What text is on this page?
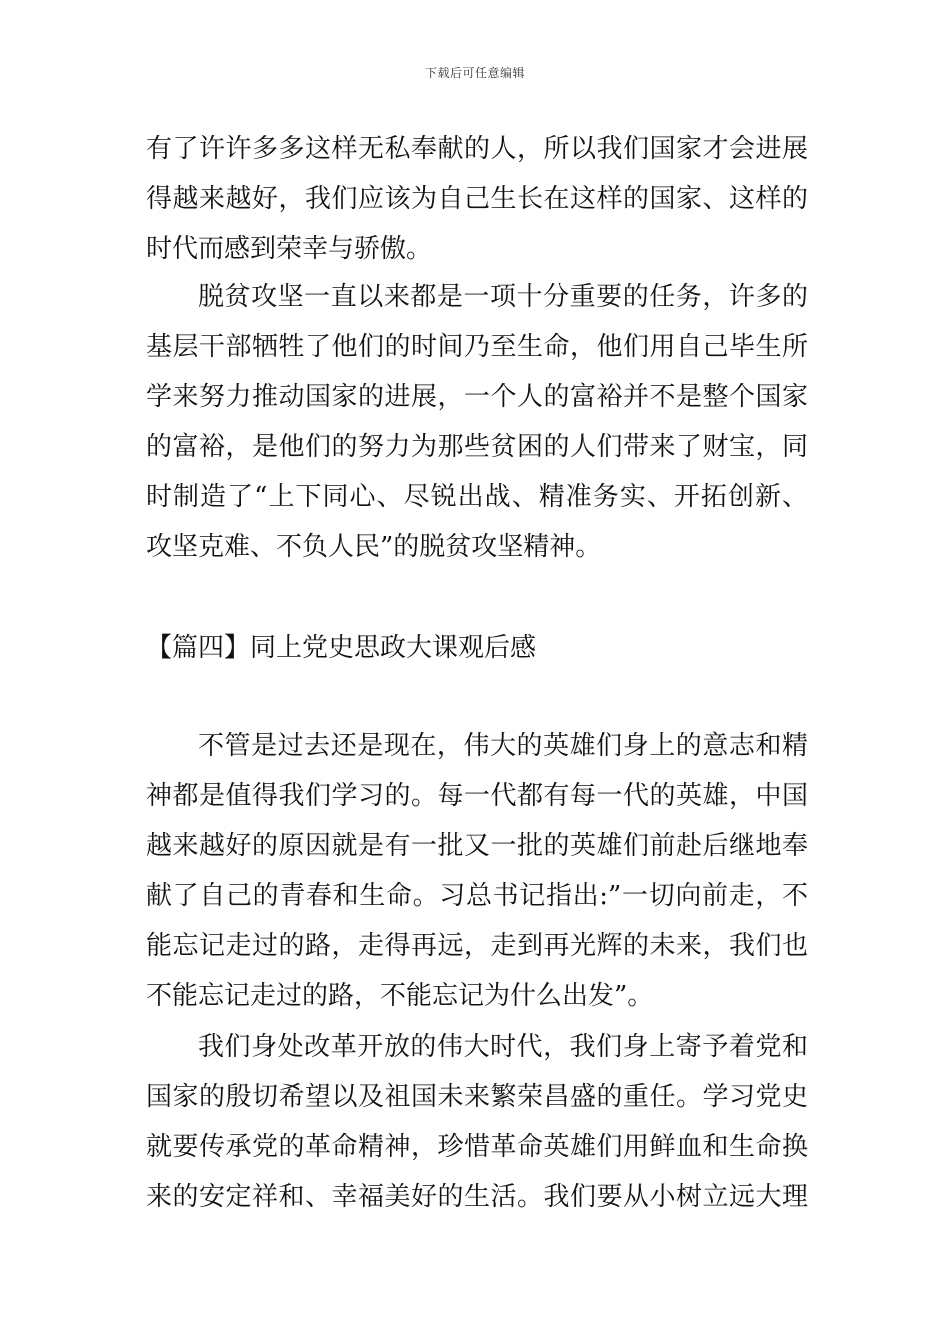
下载后可任意编辑
有了许许多多这样无私奉献的人，所以我们国家才会进展
得越来越好，我们应该为自己生长在这样的国家、这样的
时代而感到荣幸与骄傲。
脱贫攻坚一直以来都是一项十分重要的任务，许多的
基层干部牺牲了他们的时间乃至生命，他们用自己毕生所
学来努力推动国家的进展，一个人的富裕并不是整个国家
的富裕，是他们的努力为那些贫困的人们带来了财宝，同
时制造了“上下同心、尽锐出战、精准务实、开拓创新、
攻坚克难、不负人民”的脱贫攻坚精神。
【篇四】同上党史思政大课观后感
不管是过去还是现在，伟大的英雄们身上的意志和精
神都是值得我们学习的。每一代都有每一代的英雄，中国
越来越好的原因就是有一批又一批的英雄们前赴后继地奉
献了自己的青春和生命。习总书记指出:”一切向前走，不
能忘记走过的路，走得再远，走到再光辉的未来，我们也
不能忘记走过的路，不能忘记为什么出发”。
我们身处改革开放的伟大时代，我们身上寄予着党和
国家的殷切希望以及祖国未来繁荣昌盛的重任。学习党史
就要传承党的革命精神，珍惜革命英雄们用鲜血和生命换
来的安定祥和、幸福美好的生活。我们要从小树立远大理
